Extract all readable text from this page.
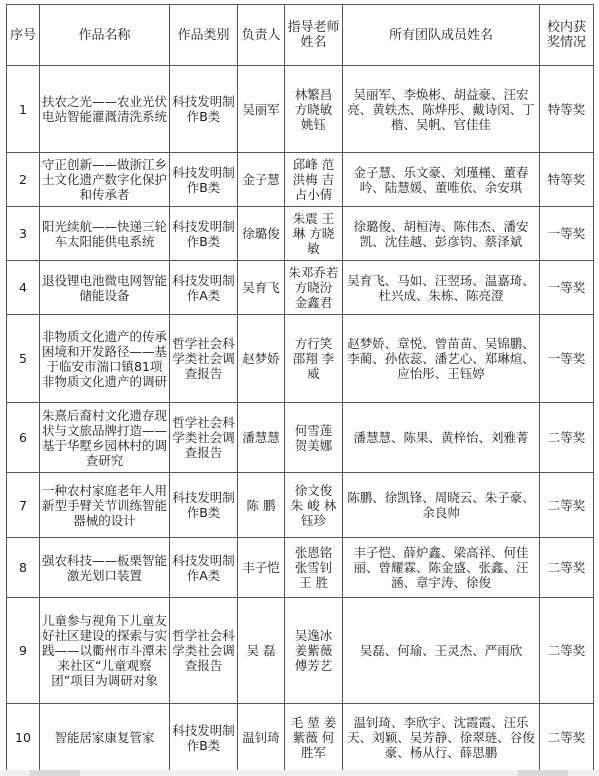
序号	作品名称	作品类别	负责人	指导老师姓名	所有团队成员姓名	校内获奖情况
1	扶农之光——农业光伏电站智能灌溉清洗系统	科技发明制作B类	吴丽军	林繁昌 方晓敏 姚钰	吴丽军、李焕彬、胡益豪、汪宏亮、黄轶杰、陈烨彤、戴诗闵、丁楷、吴帆、官佳佳	特等奖
2	守正创新——做浙江乡土文化遗产数字化保护和传承者	科技发明制作B类	金子慧	邱峰 范洪梅 吉占小倩	金子慧、乐文豪、刘瑾槿、董春吟、陆慧媛、董唯依、余安琪	特等奖
3	阳光续航——快递三轮车太阳能供电系统	科技发明制作B类	徐璐俊	朱震 王琳 方晓敏	徐璐俊、胡桓涛、陈伟杰、潘安凯、沈佳越、彭彦钧、蔡泽斌	一等奖
4	退役锂电池微电网智能储能设备	科技发明制作A类	吴育飞	朱邓乔若 方晓汾 金鑫君	吴育飞、马如、汪翌玚、温嘉琦、杜兴成、朱栋、陈亮澄	一等奖
5	非物质文化遗产的传承困境和开发路径——基于临安市湍口镇81项非物质文化遗产的调研	哲学社会科学类社会调查报告	赵梦娇	方行笑 邵翔 李威	赵梦娇、章悦、曾苗苗、吴锦鹏、李蔺、孙依蕊、潘艺心、郑琳煊、应怡彤、王钰婷	一等奖
6	朱熹后裔村文化遗存现状与文旅品牌打造——基于华墅乡园林村的调查研究	哲学社会科学类社会调查报告	潘慧慧	何雪莲 贺美娜	潘慧慧、陈果、黄梓怡、刘雅菁	二等奖
7	一种农村家庭老年人用新型手臂关节训练智能器械的设计	科技发明制作B类	陈 鹏	徐文俊 朱 峻 林钰珍	陈鹏、徐凯锋、周晓云、朱子豪、余良帅	二等奖
8	强农科技——板栗智能激光划口装置	科技发明制作A类	丰子恺	张恩铭 张雪钊 王 胜	丰子恺、薛炉鑫、梁高祥、何佳丽、曾耀霖、陈金盛、张鑫、汪涵、章宇涛、徐俊	二等奖
9	儿童参与视角下儿童友好社区建设的探索与实践——以衢州市斗潭未来社区“儿童观察团”项目为调研对象	哲学社会科学类社会调查报告	吴 磊	吴逸冰 姜紫薇 傅芳艺	吴磊、何瑜、王灵杰、严雨欣	二等奖
10	智能居家康复管家	科技发明制作B类	温钊琦	毛 堃 姜紫薇 何胜军	温钊琦、李欣宇、沈霞霞、汪乐天、刘颖、吴芳静、徐翠琏、谷俊豪、杨从行、薛思鹏	二等奖
